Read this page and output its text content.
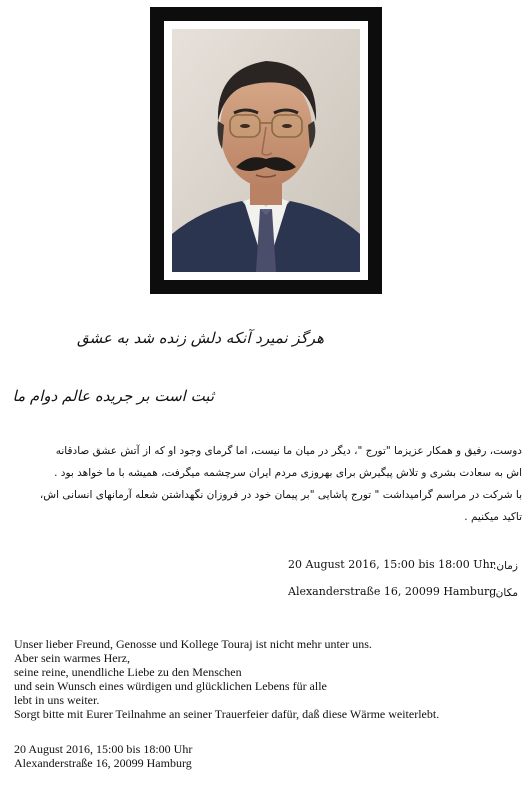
هرگز نمیرد آنکه دلش زنده شد به عشق
ثبت است بر جریده عالم دوام ما
دوست، رفیق و همکار عزیزما "تورج "، دیگر در میان ما نیست، اما گرمای وجود او که از آتش عشق صادقانه
اش به سعادت بشری و تلاش پیگیرش برای بهروزی مردم ایران سرچشمه میگرفت، همیشه با ما خواهد بود .
با شرکت در مراسم گرامیداشت " تورج پاشایی "بر پیمان خود در فروزان نگهداشتن شعله آرمانهای انسانی اش،
تاکید میکنیم .
20 August 2016, 15:00 bis 18:00 Uhr
زمان:
Alexanderstraße 16, 20099 Hamburg
مکان :
Unser lieber Freund, Genosse und Kollege Touraj ist nicht mehr unter uns.
Aber sein warmes Herz,
seine reine, unendliche Liebe zu den Menschen
und sein Wunsch eines würdigen und glücklichen Lebens für alle
lebt in uns weiter.
Sorgt bitte mit Eurer Teilnahme an seiner Trauerfeier dafür, daß diese Wärme weiterlebt.
20 August 2016, 15:00 bis 18:00 Uhr
Alexanderstraße 16, 20099 Hamburg
